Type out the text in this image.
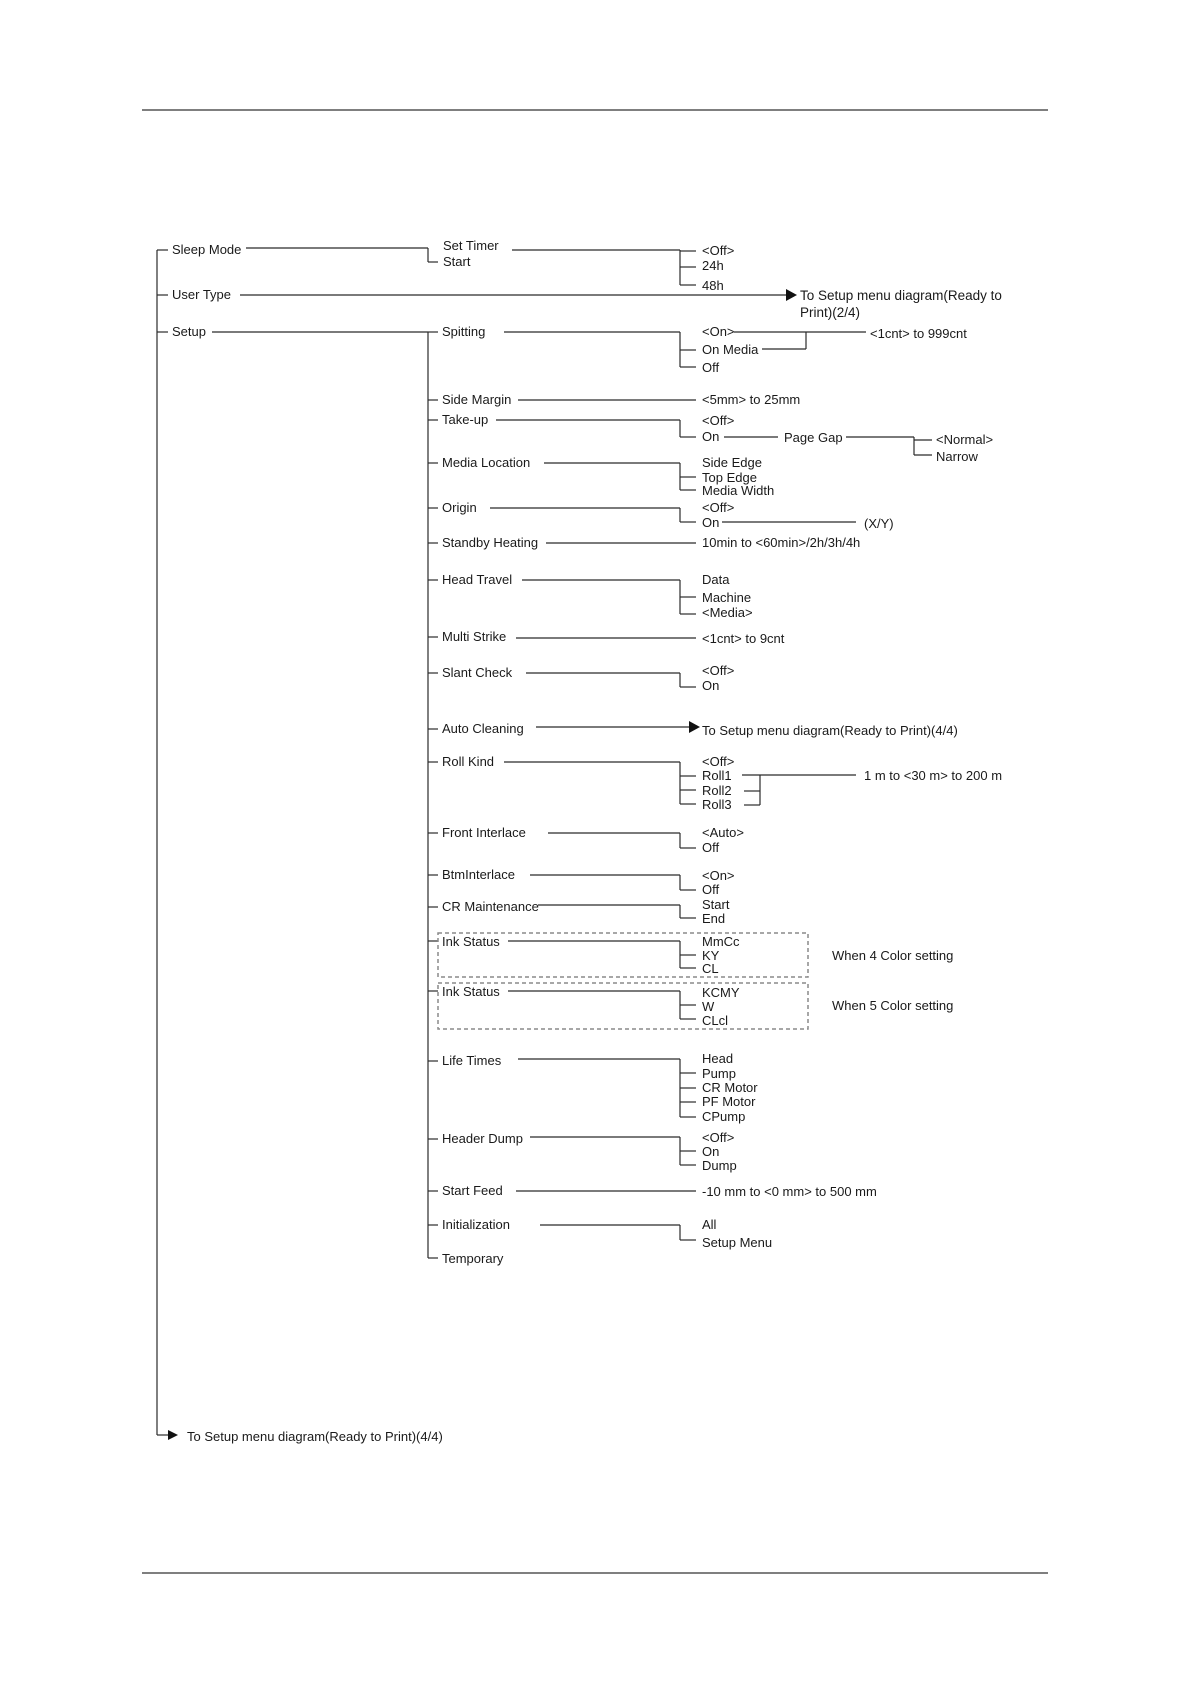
Sleep Mode	Set Timer
Start
<Off>
24h
48h
User Type	To Setup menu diagram(Ready to
Print)(2/4)
Setup	Spitting	<On>
On Media
Off
<1cnt> to 999cnt
Side Margin	<5mm> to 25mm
Take-up	<Off>
On	Page Gap	<Normal>
Narrow
Media Location	Side Edge
Top Edge
Media Width
Origin	<Off>
On	(X/Y)
Standby Heating	10min to <60min>/2h/3h/4h
Head Travel	Data
Machine
<Media>
Multi Strike	<1cnt> to 9cnt
Slant Check	<Off>
On
Auto Cleaning	To Setup menu diagram(Ready to Print)(4/4)
Roll Kind	<Off>
Roll1
Roll2
Roll3
1 m to <30 m> to 200 m
Front Interlace	<Auto>
Off
BtmInterlace	<On>
Off
CR Maintenance	Start
End
Ink Status	MmCc
KY
CL
When 4 Color setting
Ink Status	KCMY
W
CLcl
When 5 Color setting
Life Times	Head
Pump
CR Motor
PF Motor
CPump
Header Dump	<Off>
On
Dump
Start Feed	-10 mm to <0 mm> to 500 mm
Initialization	All
Setup Menu
Temporary
To Setup menu diagram(Ready to Print)(4/4)
